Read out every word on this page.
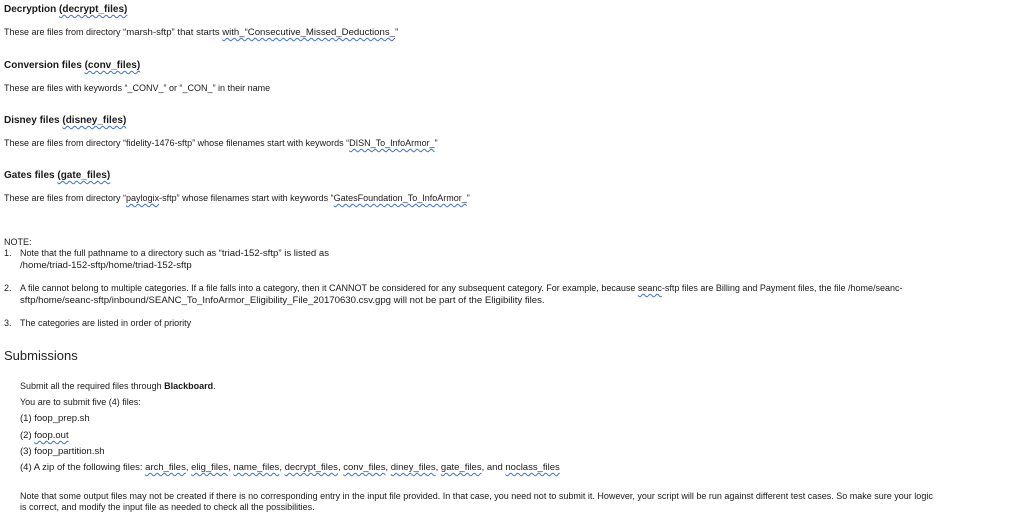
Decryption (decrypt_files)
These are files from directory “marsh-sftp” that starts with_“Consecutive_Missed_Deductions_”
Conversion files (conv_files)
These are files with keywords “_CONV_” or “_CON_” in their name
Disney files (disney_files)
These are files from directory “fidelity-1476-sftp” whose filenames start with keywords “DISN_To_InfoArmor_”
Gates files (gate_files)
These are files from directory “paylogix-sftp” whose filenames start with keywords “GatesFoundation_To_InfoArmor_”
NOTE:
1. Note that the full pathname to a directory such as “triad-152-sftp” is listed as
/home/triad-152-sftp/home/triad-152-sftp
2. A file cannot belong to multiple categories. If a file falls into a category, then it CANNOT be considered for any subsequent category. For example, because seanc-sftp files are Billing and Payment files, the file /home/seanc-
sftp/home/seanc-sftp/inbound/SEANC_To_InfoArmor_Eligibility_File_20170630.csv.gpg will not be part of the Eligibility files.
3. The categories are listed in order of priority
Submissions
Submit all the required files through Blackboard.
You are to submit five (4) files:
(1) foop_prep.sh
(2) foop.out
(3) foop_partition.sh
(4) A zip of the following files: arch_files, elig_files, name_files, decrypt_files, conv_files, diney_files, gate_files, and noclass_files
Note that some output files may not be created if there is no corresponding entry in the input file provided. In that case, you need not to submit it. However, your script will be run against different test cases. So make sure your logic
is correct, and modify the input file as needed to check all the possibilities.
